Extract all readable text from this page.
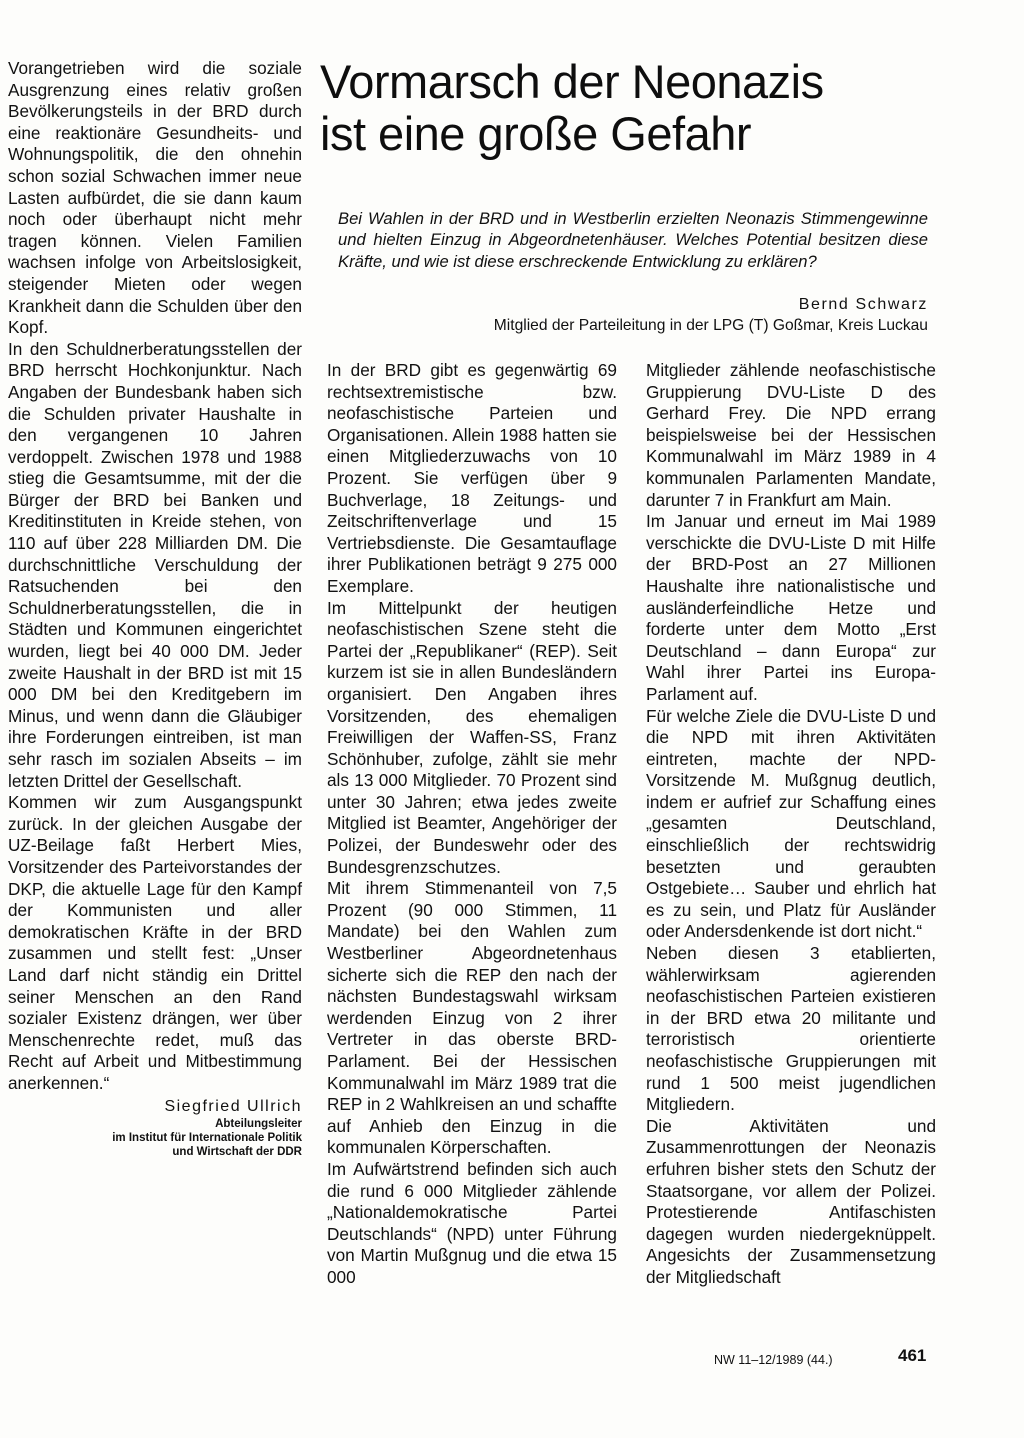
Vorangetrieben wird die soziale Ausgrenzung eines relativ großen Bevölkerungsteils in der BRD durch eine reaktionäre Gesundheits- und Wohnungspolitik, die den ohnehin schon sozial Schwachen immer neue Lasten aufbürdet, die sie dann kaum noch oder überhaupt nicht mehr tragen können. Vielen Familien wachsen infolge von Arbeitslosigkeit, steigender Mieten oder wegen Krankheit dann die Schulden über den Kopf.

In den Schuldnerberatungsstellen der BRD herrscht Hochkonjunktur. Nach Angaben der Bundesbank haben sich die Schulden privater Haushalte in den vergangenen 10 Jahren verdoppelt. Zwischen 1978 und 1988 stieg die Gesamtsumme, mit der die Bürger der BRD bei Banken und Kreditinstituten in Kreide stehen, von 110 auf über 228 Milliarden DM. Die durchschnittliche Verschuldung der Ratsuchenden bei den Schuldnerberatungsstellen, die in Städten und Kommunen eingerichtet wurden, liegt bei 40 000 DM. Jeder zweite Haushalt in der BRD ist mit 15 000 DM bei den Kreditgebern im Minus, und wenn dann die Gläubiger ihre Forderungen eintreiben, ist man sehr rasch im sozialen Abseits – im letzten Drittel der Gesellschaft.

Kommen wir zum Ausgangspunkt zurück. In der gleichen Ausgabe der UZ-Beilage faßt Herbert Mies, Vorsitzender des Parteivorstandes der DKP, die aktuelle Lage für den Kampf der Kommunisten und aller demokratischen Kräfte in der BRD zusammen und stellt fest: „Unser Land darf nicht ständig ein Drittel seiner Menschen an den Rand sozialer Existenz drängen, wer über Menschenrechte redet, muß das Recht auf Arbeit und Mitbestimmung anerkennen.“

Siegfried Ullrich
Abteilungsleiter
im Institut für Internationale Politik
und Wirtschaft der DDR
Vormarsch der Neonazis
ist eine große Gefahr

Bei Wahlen in der BRD und in Westberlin erzielten Neonazis Stimmengewinne und hielten Einzug in Abgeordnetenhäuser. Welches Potential besitzen diese Kräfte, und wie ist diese erschreckende Entwicklung zu erklären?

Bernd Schwarz
Mitglied der Parteileitung in der LPG (T) Goßmar, Kreis Luckau

In der BRD gibt es gegenwärtig 69 rechtsextremistische bzw. neofaschistische Parteien und Organisationen. Allein 1988 hatten sie einen Mitgliederzuwachs von 10 Prozent. Sie verfügen über 9 Buchverlage, 18 Zeitungs- und Zeitschriftenverlage und 15 Vertriebsdienste. Die Gesamtauflage ihrer Publikationen beträgt 9 275 000 Exemplare.

Im Mittelpunkt der heutigen neofaschistischen Szene steht die Partei der „Republikaner“ (REP). Seit kurzem ist sie in allen Bundesländern organisiert. Den Angaben ihres Vorsitzenden, des ehemaligen Freiwilligen der Waffen-SS, Franz Schönhuber, zufolge, zählt sie mehr als 13 000 Mitglieder. 70 Prozent sind unter 30 Jahren; etwa jedes zweite Mitglied ist Beamter, Angehöriger der Polizei, der Bundeswehr oder des Bundesgrenzschutzes.

Mit ihrem Stimmenanteil von 7,5 Prozent (90 000 Stimmen, 11 Mandate) bei den Wahlen zum Westberliner Abgeordnetenhaus sicherte sich die REP den nach der nächsten Bundestagswahl wirksam werdenden Einzug von 2 ihrer Vertreter in das oberste BRD-Parlament. Bei der Hessischen Kommunalwahl im März 1989 trat die REP in 2 Wahlkreisen an und schaffte auf Anhieb den Einzug in die kommunalen Körperschaften.

Im Aufwärtstrend befinden sich auch die rund 6 000 Mitglieder zählende „Nationaldemokratische Partei Deutschlands“ (NPD) unter Führung von Martin Mußgnug und die etwa 15 000

Mitglieder zählende neofaschistische Gruppierung DVU-Liste D des Gerhard Frey. Die NPD errang beispielsweise bei der Hessischen Kommunalwahl im März 1989 in 4 kommunalen Parlamenten Mandate, darunter 7 in Frankfurt am Main.

Im Januar und erneut im Mai 1989 verschickte die DVU-Liste D mit Hilfe der BRD-Post an 27 Millionen Haushalte ihre nationalistische und ausländerfeindliche Hetze und forderte unter dem Motto „Erst Deutschland – dann Europa“ zur Wahl ihrer Partei ins Europa-Parlament auf.

Für welche Ziele die DVU-Liste D und die NPD mit ihren Aktivitäten eintreten, machte der NPD-Vorsitzende M. Mußgnug deutlich, indem er aufrief zur Schaffung eines „gesamten Deutschland, einschließlich der rechtswidrig besetzten und geraubten Ostgebiete… Sauber und ehrlich hat es zu sein, und Platz für Ausländer oder Andersdenkende ist dort nicht.“

Neben diesen 3 etablierten, wählerwirksam agierenden neofaschistischen Parteien existieren in der BRD etwa 20 militante und terroristisch orientierte neofaschistische Gruppierungen mit rund 1 500 meist jugendlichen Mitgliedern.

Die Aktivitäten und Zusammenrottungen der Neonazis erfuhren bisher stets den Schutz der Staatsorgane, vor allem der Polizei. Protestierende Antifaschisten dagegen wurden niedergeknüppelt. Angesichts der Zusammensetzung der Mitgliedschaft

NW 11–12/1989 (44.)	461
